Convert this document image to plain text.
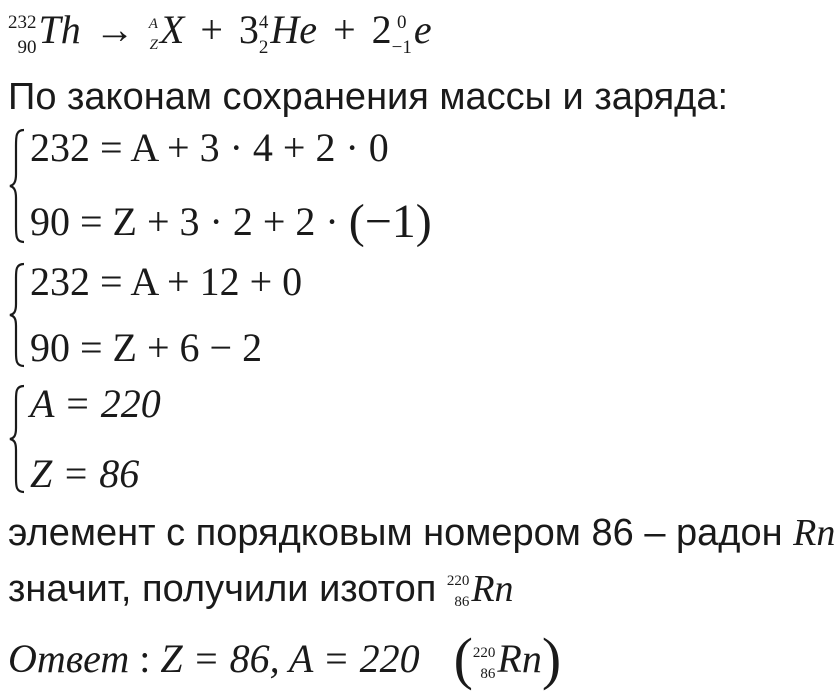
232
90 Th → A
Z X + 3 4
2 He + 2 0
−1 e
По законам сохранения массы и заряда:
232 = A + 3 · 4 + 2 · 0
90 = Z + 3 · 2 + 2 · (−1)
232 = A + 12 + 0
90 = Z + 6 − 2
A = 220
Z = 86
элемент с порядковым номером 86 – радон Rn
значит, получили изотоп 220
86 Rn
Ответ : Z = 86, A = 220 ( 220
86 Rn)
